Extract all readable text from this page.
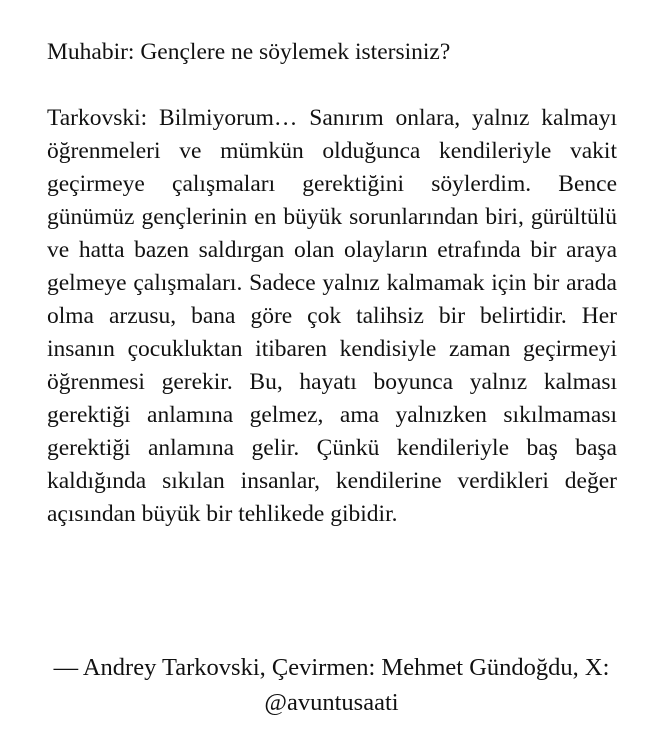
Muhabir: Gençlere ne söylemek istersiniz?

Tarkovski: Bilmiyorum… Sanırım onlara, yalnız kalmayı öğrenmeleri ve mümkün olduğunca kendileriyle vakit geçirmeye çalışmaları gerektiğini söylerdim. Bence günümüz gençlerinin en büyük sorunlarından biri, gürültülü ve hatta bazen saldırgan olan olayların etrafında bir araya gelmeye çalışmaları. Sadece yalnız kalmamak için bir arada olma arzusu, bana göre çok talihsiz bir belirtidir. Her insanın çocukluktan itibaren kendisiyle zaman geçirmeyi öğrenmesi gerekir. Bu, hayatı boyunca yalnız kalması gerektiği anlamına gelmez, ama yalnızken sıkılmaması gerektiği anlamına gelir. Çünkü kendileriyle baş başa kaldığında sıkılan insanlar, kendilerine verdikleri değer açısından büyük bir tehlikede gibidir.

— Andrey Tarkovski, Çevirmen: Mehmet Gündoğdu, X: @avuntusaati
